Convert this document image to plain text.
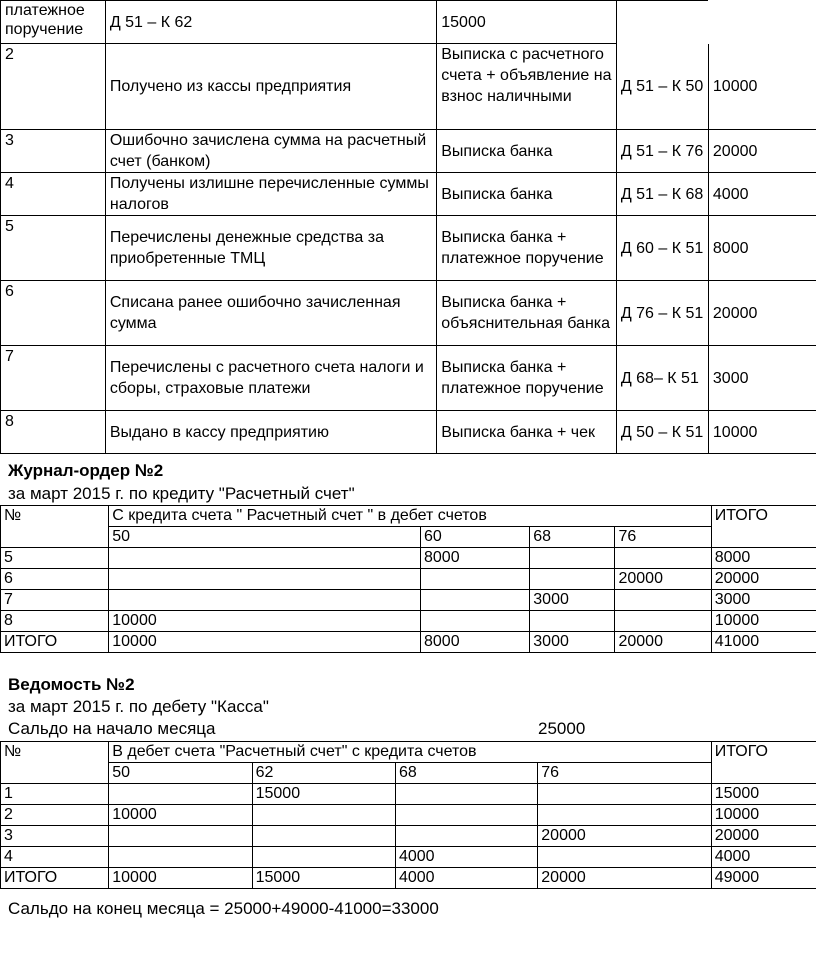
платежное поручение	Д 51 – К 62	15000		
2	Получено из кассы предприятия	Выписка с расчетного счета + объявление на взнос наличными	Д 51 – К 50	10000
3	Ошибочно зачислена сумма на расчетный счет (банком)	Выписка банка	Д 51 – К 76	20000
4	Получены излишне перечисленные суммы налогов	Выписка банка	Д 51 – К 68	4000
5	Перечислены денежные средства за приобретенные ТМЦ	Выписка банка + платежное поручение	Д 60 – К 51	8000
6	Списана ранее ошибочно зачисленная сумма	Выписка банка + объяснительная банка	Д 76 – К 51	20000
7	Перечислены с расчетного счета налоги и сборы, страховые платежи	Выписка банка + платежное поручение	Д 68– К 51	3000
8	Выдано в кассу предприятию	Выписка банка + чек	Д 50 – К 51	10000

Журнал-ордер №2

за март 2015 г. по кредиту "Расчетный счет"

№	С кредита счета " Расчетный счет " в дебет счетов				ИТОГО
	50	60	68	76	
5		8000			8000
6				20000	20000
7			3000		3000
8	10000				10000
ИТОГО	10000	8000	3000	20000	41000

Ведомость №2

за март 2015 г. по дебету "Касса"

Сальдо на начало месяца	25000

№	В дебет счета "Расчетный счет" с кредита счетов				ИТОГО
	50	62	68	76	
1		15000			15000
2	10000				10000
3				20000	20000
4			4000		4000
ИТОГО	10000	15000	4000	20000	49000

Сальдо на конец месяца = 25000+49000-41000=33000
